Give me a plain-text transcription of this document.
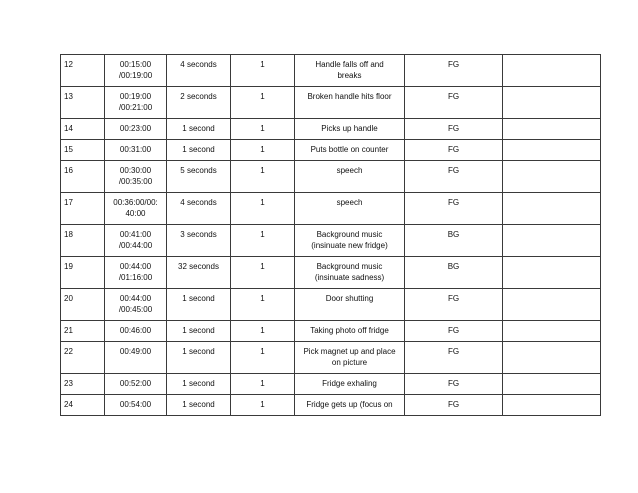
12	00:15:00
/00:19:00	4 seconds	1	Handle falls off and
breaks	FG	
13	00:19:00
/00:21:00	2 seconds	1	Broken handle hits floor	FG	
14	00:23:00	1 second	1	Picks up handle	FG	
15	00:31:00	1 second	1	Puts bottle on counter	FG	
16	00:30:00
/00:35:00	5 seconds	1	speech	FG	
17	00:36:00/00:
40:00	4 seconds	1	speech	FG	
18	00:41:00
/00:44:00	3 seconds	1	Background music
(insinuate new fridge)	BG	
19	00:44:00
/01:16:00	32 seconds	1	Background music
(insinuate sadness)	BG	
20	00:44:00
/00:45:00	1 second	1	Door shutting	FG	
21	00:46:00	1 second	1	Taking photo off fridge	FG	
22	00:49:00	1 second	1	Pick magnet up and place
on picture	FG	
23	00:52:00	1 second	1	Fridge exhaling	FG	
24	00:54:00	1 second	1	Fridge gets up (focus on	FG	
